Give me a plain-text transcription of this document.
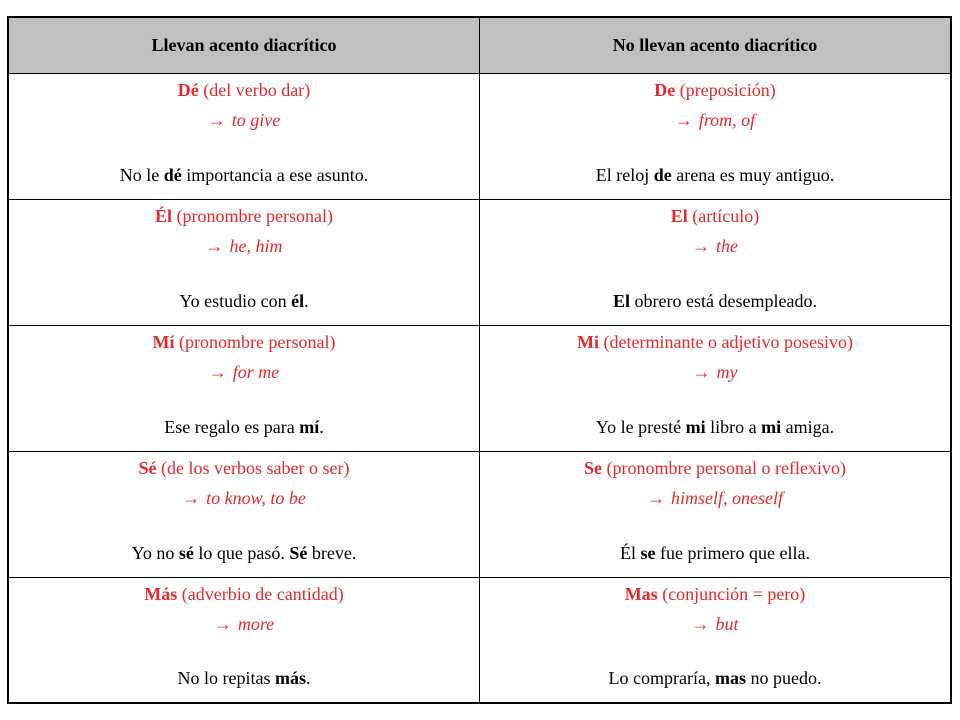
Llevan acento diacrítico	No llevan acento diacrítico
Dé (del verbo dar)
→ to give
No le dé importancia a ese asunto.
De (preposición)
→ from, of
El reloj de arena es muy antiguo.
Él (pronombre personal)
→ he, him
Yo estudio con él.
El (artículo)
→ the
El obrero está desempleado.
Mí (pronombre personal)
→ for me
Ese regalo es para mí.
Mi (determinante o adjetivo posesivo)
→ my
Yo le presté mi libro a mi amiga.
Sé (de los verbos saber o ser)
→ to know, to be
Yo no sé lo que pasó. Sé breve.
Se (pronombre personal o reflexivo)
→ himself, oneself
Él se fue primero que ella.
Más (adverbio de cantidad)
→ more
No lo repitas más.
Mas (conjunción = pero)
→ but
Lo compraría, mas no puedo.
